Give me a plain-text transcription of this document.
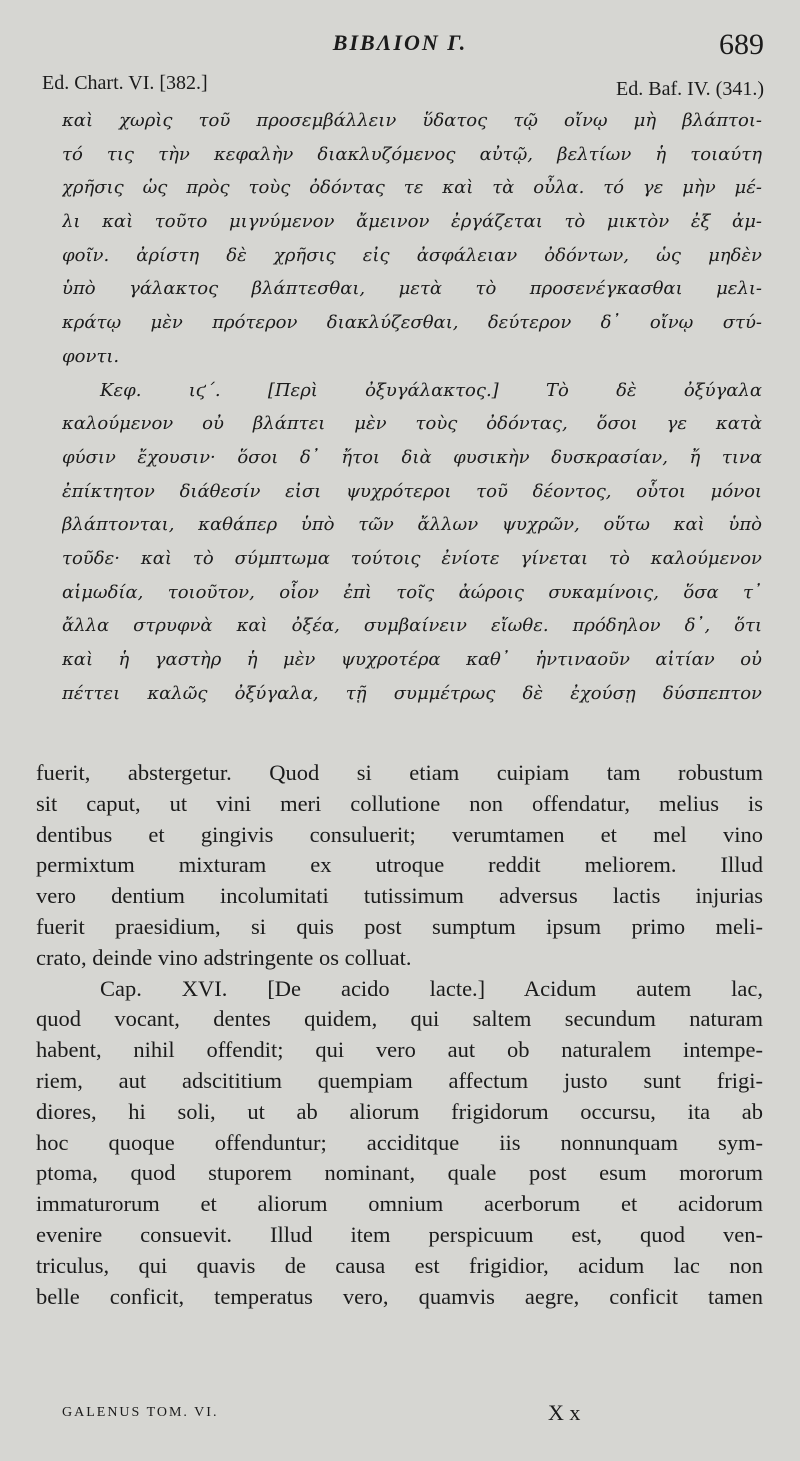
BIBΛΙΟΝ Γ.	689
Ed. Chart. VI. [382.]	Ed. Baf. IV. (341.)
καὶ χωρὶς τοῦ προσεμβάλλειν ὕδατος τῷ οἴνῳ μὴ βλάπτοι-
τό τις τὴν κεφαλὴν διακλυζόμενος αὐτῷ, βελτίων ἡ τοιαύτη
χρῆσις ὡς πρὸς τοὺς ὀδόντας τε καὶ τὰ οὖλα. τό γε μὴν μέ-
λι καὶ τοῦτο μιγνύμενον ἄμεινον ἐργάζεται τὸ μικτὸν ἐξ ἀμ-
φοῖν. ἀρίστη δὲ χρῆσις εἰς ἀσφάλειαν ὀδόντων, ὡς μηδὲν
ὑπὸ γάλακτος βλάπτεσθαι, μετὰ τὸ προσενέγκασθαι μελι-
κράτῳ μὲν πρότερον διακλύζεσθαι, δεύτερον δ᾽ οἴνῳ στύ-
φοντι.
Κεφ. ιϛ΄. [Περὶ ὀξυγάλακτος.] Τὸ δὲ ὀξύγαλα
καλούμενον οὐ βλάπτει μὲν τοὺς ὀδόντας, ὅσοι γε κατὰ
φύσιν ἔχουσιν· ὅσοι δ᾽ ἤτοι διὰ φυσικὴν δυσκρασίαν, ἤ τινα
ἐπίκτητον διάθεσίν εἰσι ψυχρότεροι τοῦ δέοντος, οὗτοι μόνοι
βλάπτονται, καθάπερ ὑπὸ τῶν ἄλλων ψυχρῶν, οὕτω καὶ ὑπὸ
τοῦδε· καὶ τὸ σύμπτωμα τούτοις ἐνίοτε γίνεται τὸ καλούμενον
αἱμωδία, τοιοῦτον, οἷον ἐπὶ τοῖς ἀώροις συκαμίνοις, ὅσα τ᾽
ἄλλα στρυφνὰ καὶ ὀξέα, συμβαίνειν εἴωθε. πρόδηλον δ᾽, ὅτι
καὶ ἡ γαστὴρ ἡ μὲν ψυχροτέρα καθ᾽ ἡντιναοῦν αἰτίαν οὐ
πέττει καλῶς ὀξύγαλα, τῇ συμμέτρως δὲ ἐχούσῃ δύσπεπτον
fuerit, abstergetur. Quod si etiam cuipiam tam robustum
sit caput, ut vini meri collutione non offendatur, melius is
dentibus et gingivis consuluerit; verumtamen et mel vino
permixtum mixturam ex utroque reddit meliorem. Illud
vero dentium incolumitati tutissimum adversus lactis injurias
fuerit praesidium, si quis post sumptum ipsum primo meli-
crato, deinde vino adstringente os colluat.
Cap. XVI. [De acido lacte.] Acidum autem lac,
quod vocant, dentes quidem, qui saltem secundum naturam
habent, nihil offendit; qui vero aut ob naturalem intempe-
riem, aut adscititium quempiam affectum justo sunt frigi-
diores, hi soli, ut ab aliorum frigidorum occursu, ita ab
hoc quoque offenduntur; acciditque iis nonnunquam sym-
ptoma, quod stuporem nominant, quale post esum mororum
immaturorum et aliorum omnium acerborum et acidorum
evenire consuevit. Illud item perspicuum est, quod ven-
triculus, qui quavis de causa est frigidior, acidum lac non
belle conficit, temperatus vero, quamvis aegre, conficit tamen
GALENUS TOM. VI.	X x
